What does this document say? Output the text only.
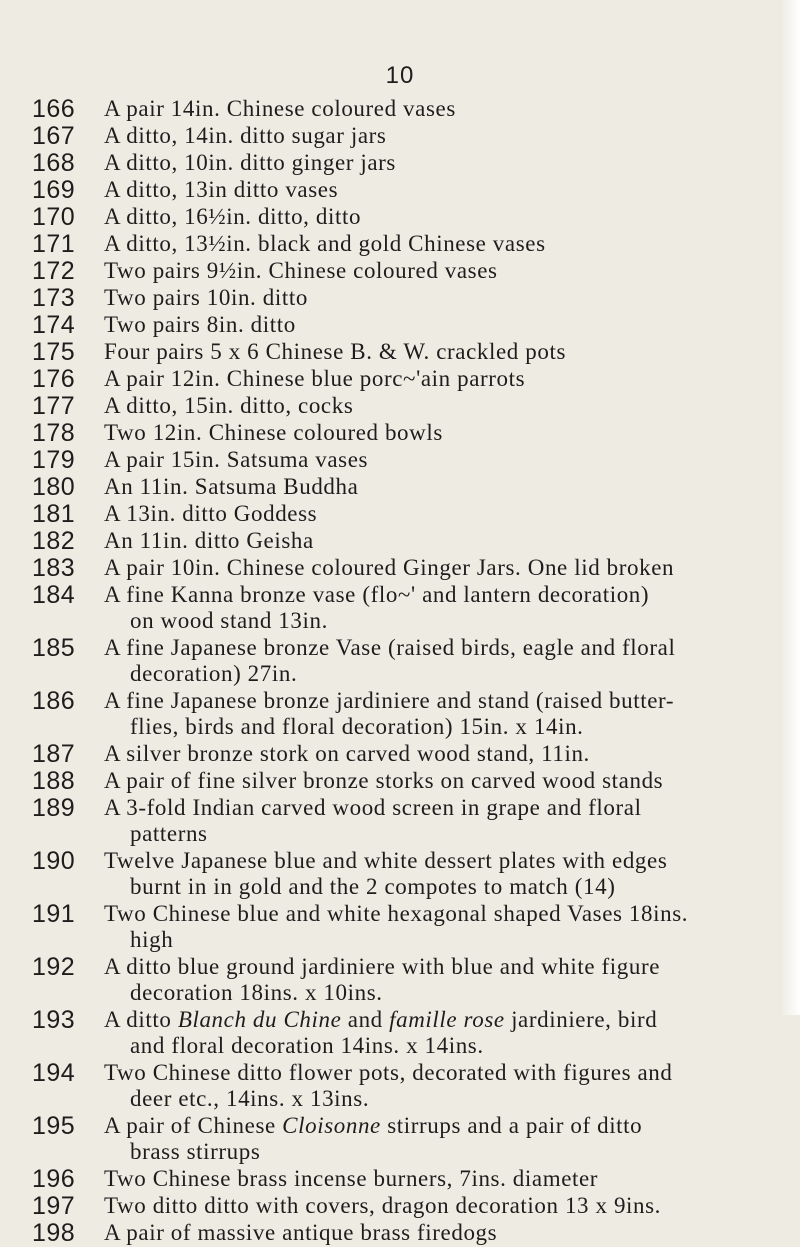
10
166	A pair 14in. Chinese coloured vases
167	A ditto, 14in. ditto sugar jars
168	A ditto, 10in. ditto ginger jars
169	A ditto, 13in ditto vases
170	A ditto, 16½in. ditto, ditto
171	A ditto, 13½in. black and gold Chinese vases
172	Two pairs 9½in. Chinese coloured vases
173	Two pairs 10in. ditto
174	Two pairs 8in. ditto
175	Four pairs 5 x 6 Chinese B. & W. crackled pots
176	A pair 12in. Chinese blue porc~'ain parrots
177	A ditto, 15in. ditto, cocks
178	Two 12in. Chinese coloured bowls
179	A pair 15in. Satsuma vases
180	An 11in. Satsuma Buddha
181	A 13in. ditto Goddess
182	An 11in. ditto Geisha
183	A pair 10in. Chinese coloured Ginger Jars. One lid broken
184	A fine Kanna bronze vase (flo~' and lantern decoration)
on wood stand 13in.
185	A fine Japanese bronze Vase (raised birds, eagle and floral
decoration) 27in.
186	A fine Japanese bronze jardiniere and stand (raised butter-
flies, birds and floral decoration) 15in. x 14in.
187	A silver bronze stork on carved wood stand, 11in.
188	A pair of fine silver bronze storks on carved wood stands
189	A 3-fold Indian carved wood screen in grape and floral
patterns
190	Twelve Japanese blue and white dessert plates with edges
burnt in in gold and the 2 compotes to match (14)
191	Two Chinese blue and white hexagonal shaped Vases 18ins.
high
192	A ditto blue ground jardiniere with blue and white figure
decoration 18ins. x 10ins.
193	A ditto Blanch du Chine and famille rose jardiniere, bird
and floral decoration 14ins. x 14ins.
194	Two Chinese ditto flower pots, decorated with figures and
deer etc., 14ins. x 13ins.
195	A pair of Chinese Cloisonne stirrups and a pair of ditto
brass stirrups
196	Two Chinese brass incense burners, 7ins. diameter
197	Two ditto ditto with covers, dragon decoration 13 x 9ins.
198	A pair of massive antique brass firedogs
